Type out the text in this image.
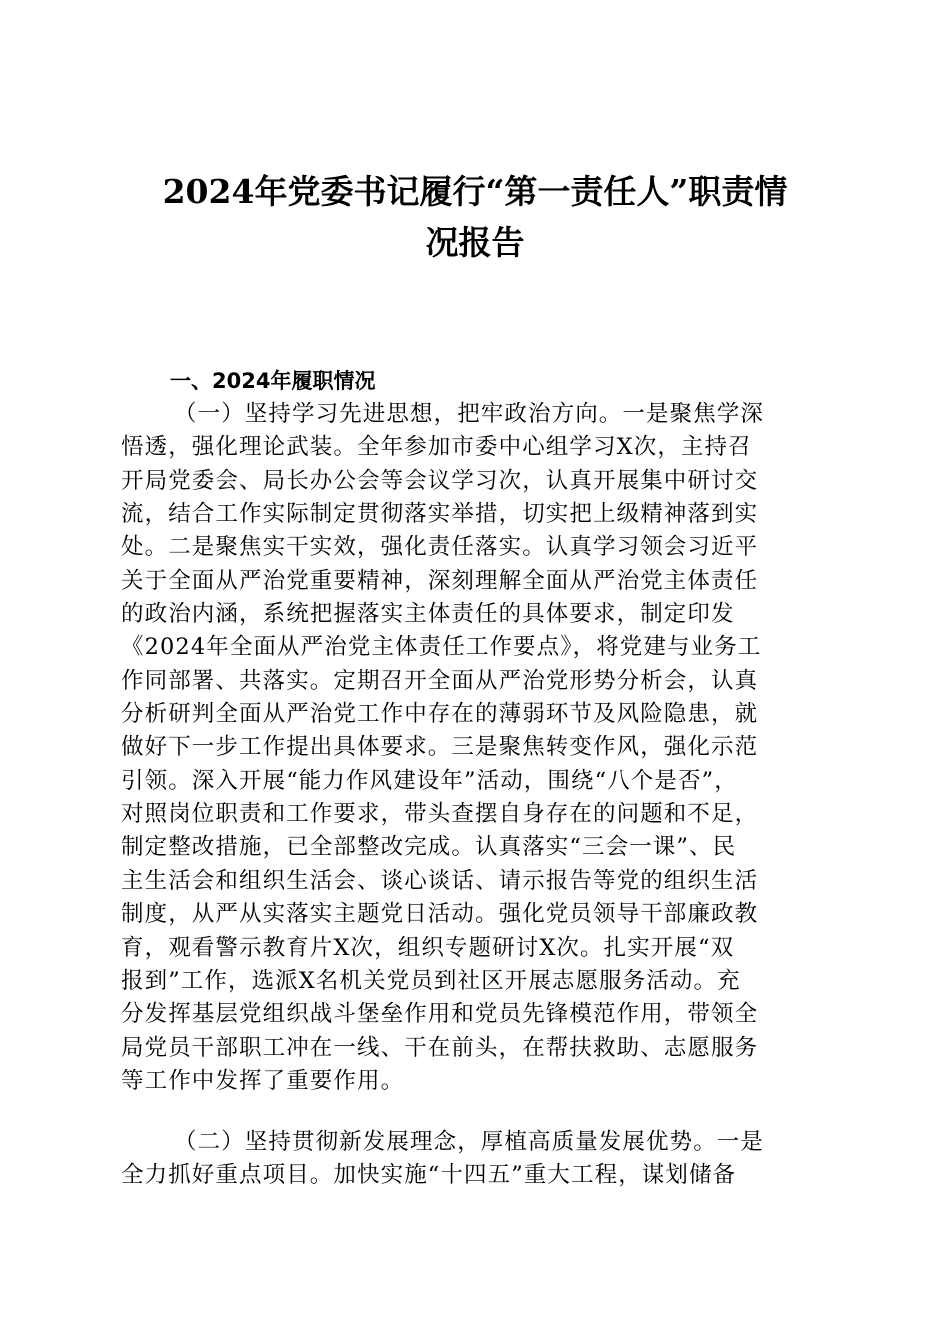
2024年党委书记履行“第一责任人”职责情
况报告
一、2024年履职情况
（一）坚持学习先进思想，把牢政治方向。一是聚焦学深
悟透，强化理论武装。全年参加市委中心组学习X次，主持召
开局党委会、局长办公会等会议学习次，认真开展集中研讨交
流，结合工作实际制定贯彻落实举措，切实把上级精神落到实
处。二是聚焦实干实效，强化责任落实。认真学习领会习近平
关于全面从严治党重要精神，深刻理解全面从严治党主体责任
的政治内涵，系统把握落实主体责任的具体要求，制定印发
《2024年全面从严治党主体责任工作要点》，将党建与业务工
作同部署、共落实。定期召开全面从严治党形势分析会，认真
分析研判全面从严治党工作中存在的薄弱环节及风险隐患，就
做好下一步工作提出具体要求。三是聚焦转变作风，强化示范
引领。深入开展“能力作风建设年”活动，围绕“八个是否”，
对照岗位职责和工作要求，带头查摆自身存在的问题和不足，
制定整改措施，已全部整改完成。认真落实“三会一课”、民
主生活会和组织生活会、谈心谈话、请示报告等党的组织生活
制度，从严从实落实主题党日活动。强化党员领导干部廉政教
育，观看警示教育片X次，组织专题研讨X次。扎实开展“双
报到”工作，选派X名机关党员到社区开展志愿服务活动。充
分发挥基层党组织战斗堡垒作用和党员先锋模范作用，带领全
局党员干部职工冲在一线、干在前头，在帮扶救助、志愿服务
等工作中发挥了重要作用。
（二）坚持贯彻新发展理念，厚植高质量发展优势。一是
全力抓好重点项目。加快实施“十四五”重大工程，谋划储备
